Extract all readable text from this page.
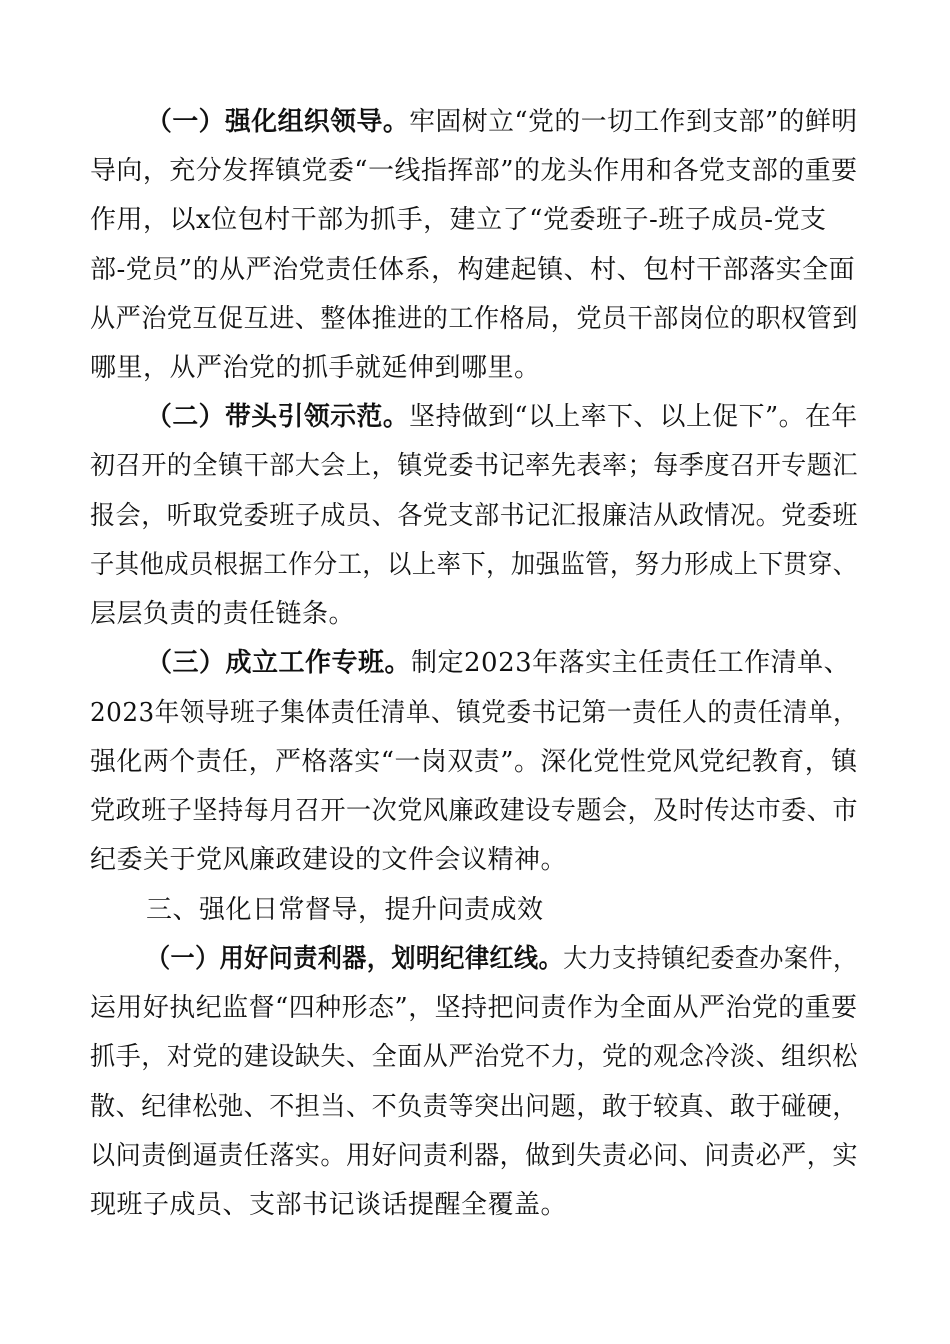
（一）强化组织领导。牢固树立“党的一切工作到支部”的鲜明
导向，充分发挥镇党委“一线指挥部”的龙头作用和各党支部的重要
作用，以x位包村干部为抓手，建立了“党委班子-班子成员-党支
部-党员”的从严治党责任体系，构建起镇、村、包村干部落实全面
从严治党互促互进、整体推进的工作格局，党员干部岗位的职权管到
哪里，从严治党的抓手就延伸到哪里。
（二）带头引领示范。坚持做到“以上率下、以上促下”。在年
初召开的全镇干部大会上，镇党委书记率先表率；每季度召开专题汇
报会，听取党委班子成员、各党支部书记汇报廉洁从政情况。党委班
子其他成员根据工作分工，以上率下，加强监管，努力形成上下贯穿、
层层负责的责任链条。
（三）成立工作专班。制定2023年落实主任责任工作清单、
2023年领导班子集体责任清单、镇党委书记第一责任人的责任清单，
强化两个责任，严格落实“一岗双责”。深化党性党风党纪教育，镇
党政班子坚持每月召开一次党风廉政建设专题会，及时传达市委、市
纪委关于党风廉政建设的文件会议精神。
三、强化日常督导，提升问责成效
（一）用好问责利器，划明纪律红线。大力支持镇纪委查办案件，
运用好执纪监督“四种形态”，坚持把问责作为全面从严治党的重要
抓手，对党的建设缺失、全面从严治党不力，党的观念冷淡、组织松
散、纪律松弛、不担当、不负责等突出问题，敢于较真、敢于碰硬，
以问责倒逼责任落实。用好问责利器，做到失责必问、问责必严，实
现班子成员、支部书记谈话提醒全覆盖。
